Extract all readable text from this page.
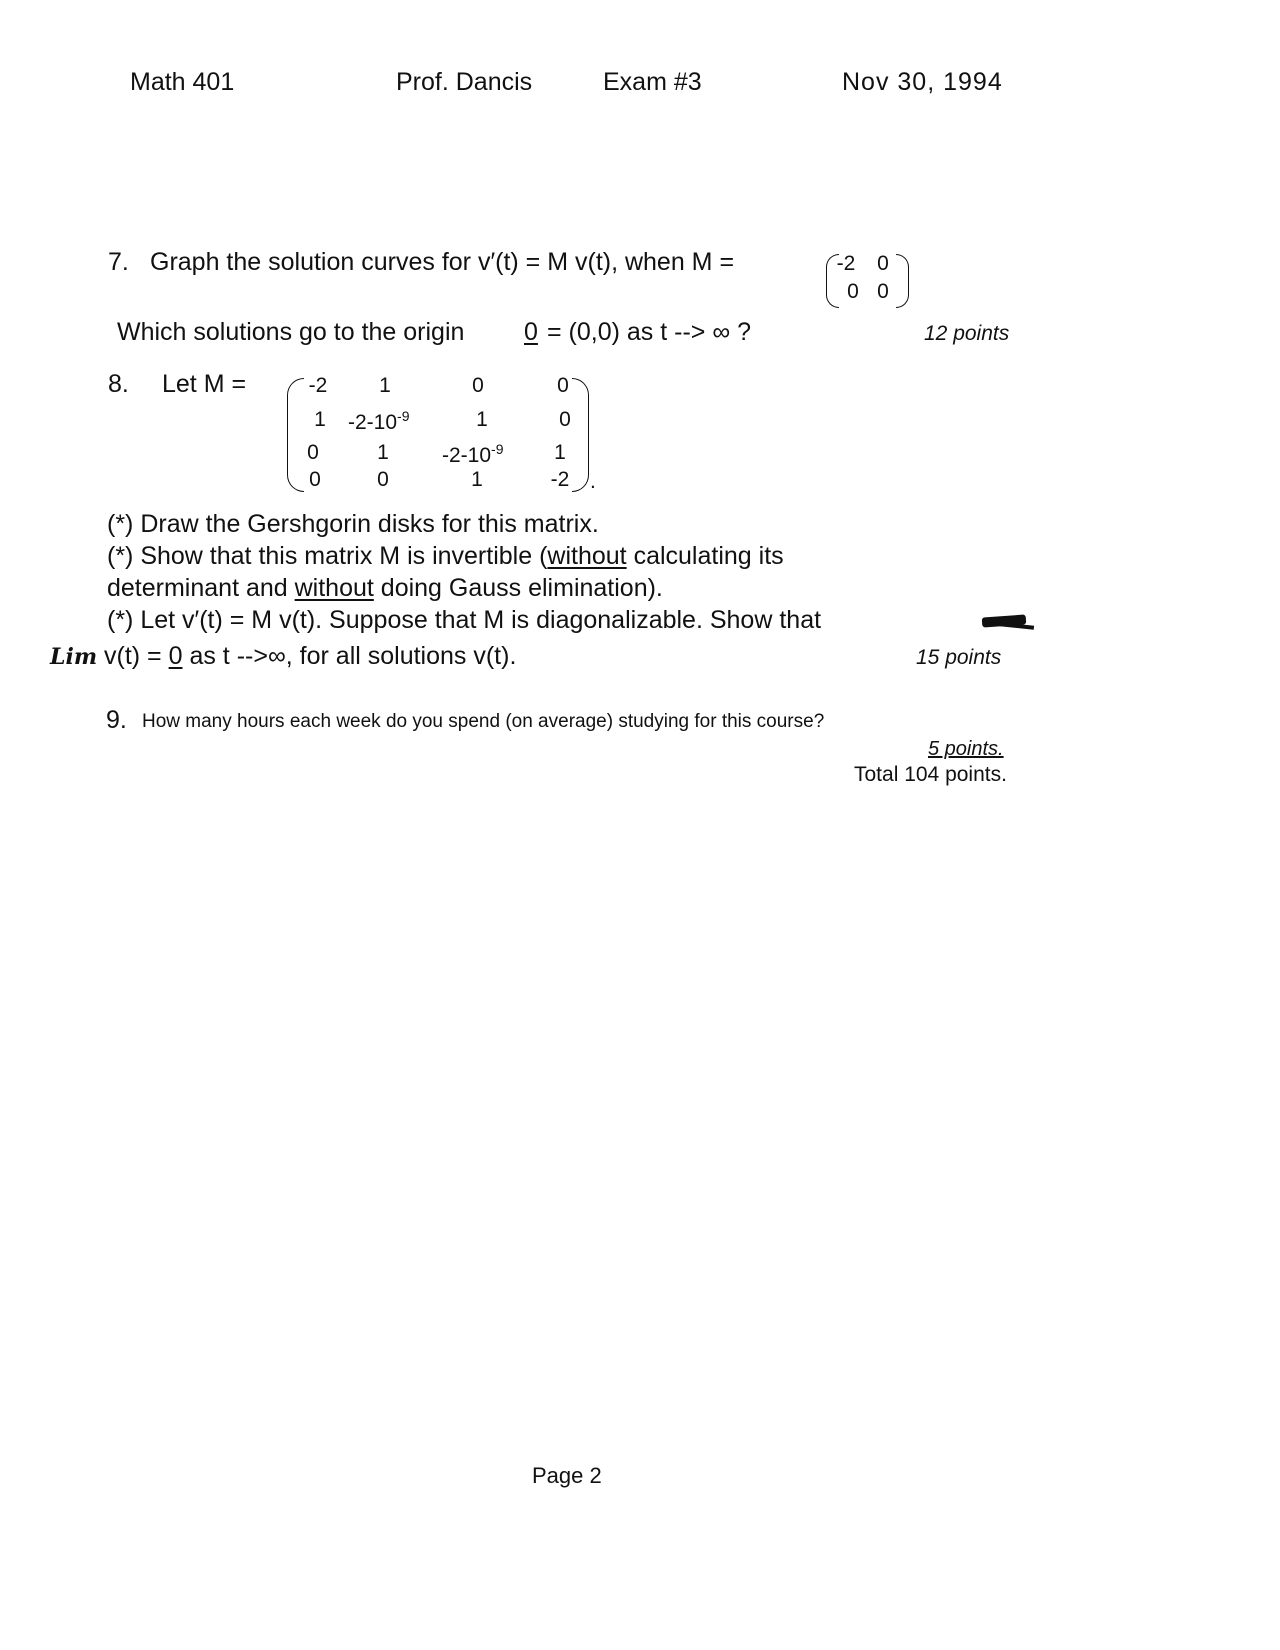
Math 401	Prof. Dancis	Exam #3	Nov 30, 1994
7. Graph the solution curves for v′(t) = M v(t), when M =	-2	0
0 0
Which solutions go to the origin 0 = (0,0) as t --> ∞ ?	12 points
8. Let M =	-2	1	0	0
1	$-2-10^{-9}$	1	0
0	1	$-2-10^{-9}$	1
0	0	1	-2 .
(*) Draw the Gershgorin disks for this matrix.
(*) Show that this matrix M is invertible (without calculating its
determinant and without doing Gauss elimination).
(*) Let v′(t) = M v(t). Suppose that M is diagonalizable. Show that
Lim v(t) = 0 as t -->∞, for all solutions v(t).	15 points
9. How many hours each week do you spend (on average) studying for this course?
5 points.
Total 104 points.
Page 2
